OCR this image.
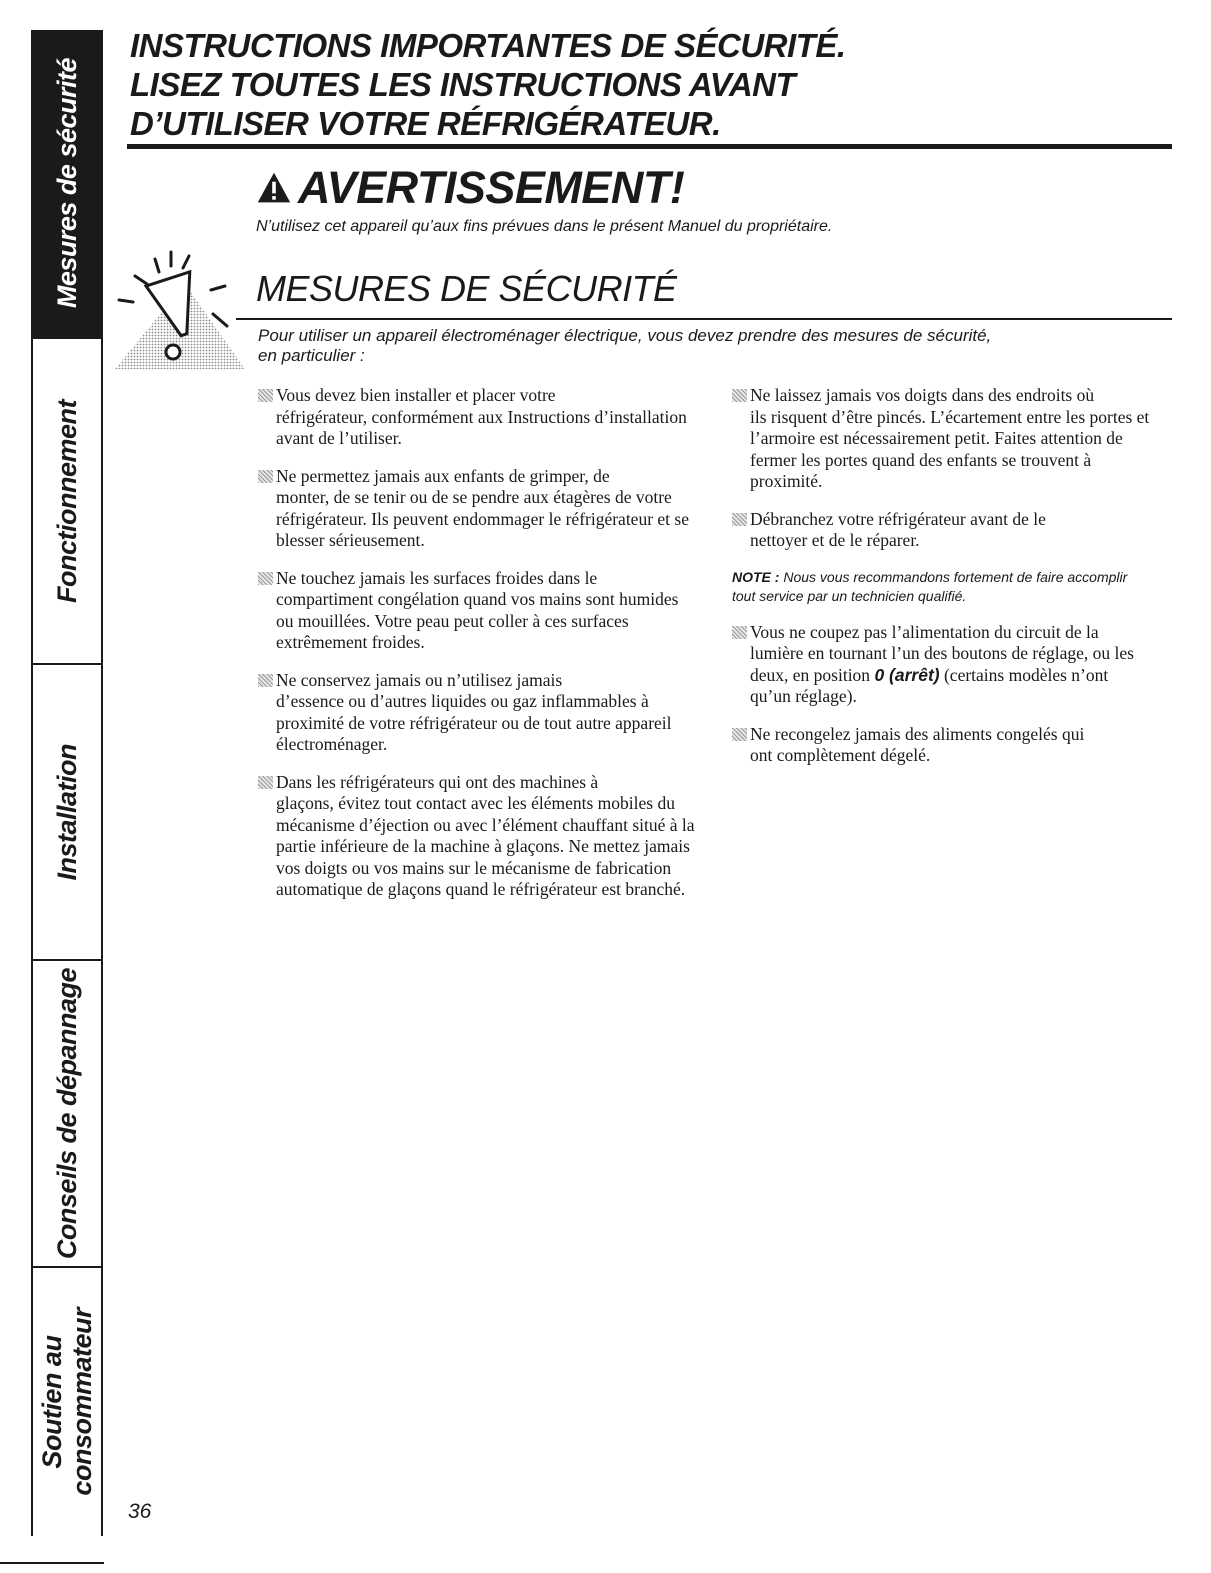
Mesures de sécurité
Fonctionnement
Installation
Conseils de dépannage
Soutien au
consommateur
INSTRUCTIONS IMPORTANTES DE SÉCURITÉ.
LISEZ TOUTES LES INSTRUCTIONS AVANT
D’UTILISER VOTRE RÉFRIGÉRATEUR.
AVERTISSEMENT!
N’utilisez cet appareil qu’aux fins prévues dans le présent Manuel du propriétaire.
MESURES DE SÉCURITÉ
Pour utiliser un appareil électroménager électrique, vous devez prendre des mesures de sécurité,
en particulier :

Vous devez bien installer et placer votre
réfrigérateur, conformément aux Instructions d’installation avant de l’utiliser.

Ne permettez jamais aux enfants de grimper, de
monter, de se tenir ou de se pendre aux étagères de votre réfrigérateur. Ils peuvent endommager le réfrigérateur et se blesser sérieusement.

Ne touchez jamais les surfaces froides dans le
compartiment congélation quand vos mains sont humides ou mouillées. Votre peau peut coller à ces surfaces extrêmement froides.

Ne conservez jamais ou n’utilisez jamais
d’essence ou d’autres liquides ou gaz inflammables à proximité de votre réfrigérateur ou de tout autre appareil électroménager.

Dans les réfrigérateurs qui ont des machines à
glaçons, évitez tout contact avec les éléments mobiles du mécanisme d’éjection ou avec l’élément chauffant situé à la partie inférieure de la machine à glaçons. Ne mettez jamais vos doigts ou vos mains sur le mécanisme de fabrication automatique de glaçons quand le réfrigérateur est branché.

Ne laissez jamais vos doigts dans des endroits où
ils risquent d’être pincés. L’écartement entre les portes et l’armoire est nécessairement petit. Faites attention de fermer les portes quand des enfants se trouvent à proximité.

Débranchez votre réfrigérateur avant de le
nettoyer et de le réparer.

NOTE : Nous vous recommandons fortement de faire accomplir tout service par un technicien qualifié.

Vous ne coupez pas l’alimentation du circuit de la
lumière en tournant l’un des boutons de réglage, ou les deux, en position 0 (arrêt) (certains modèles n’ont qu’un réglage).

Ne recongelez jamais des aliments congelés qui
ont complètement dégelé.

36
